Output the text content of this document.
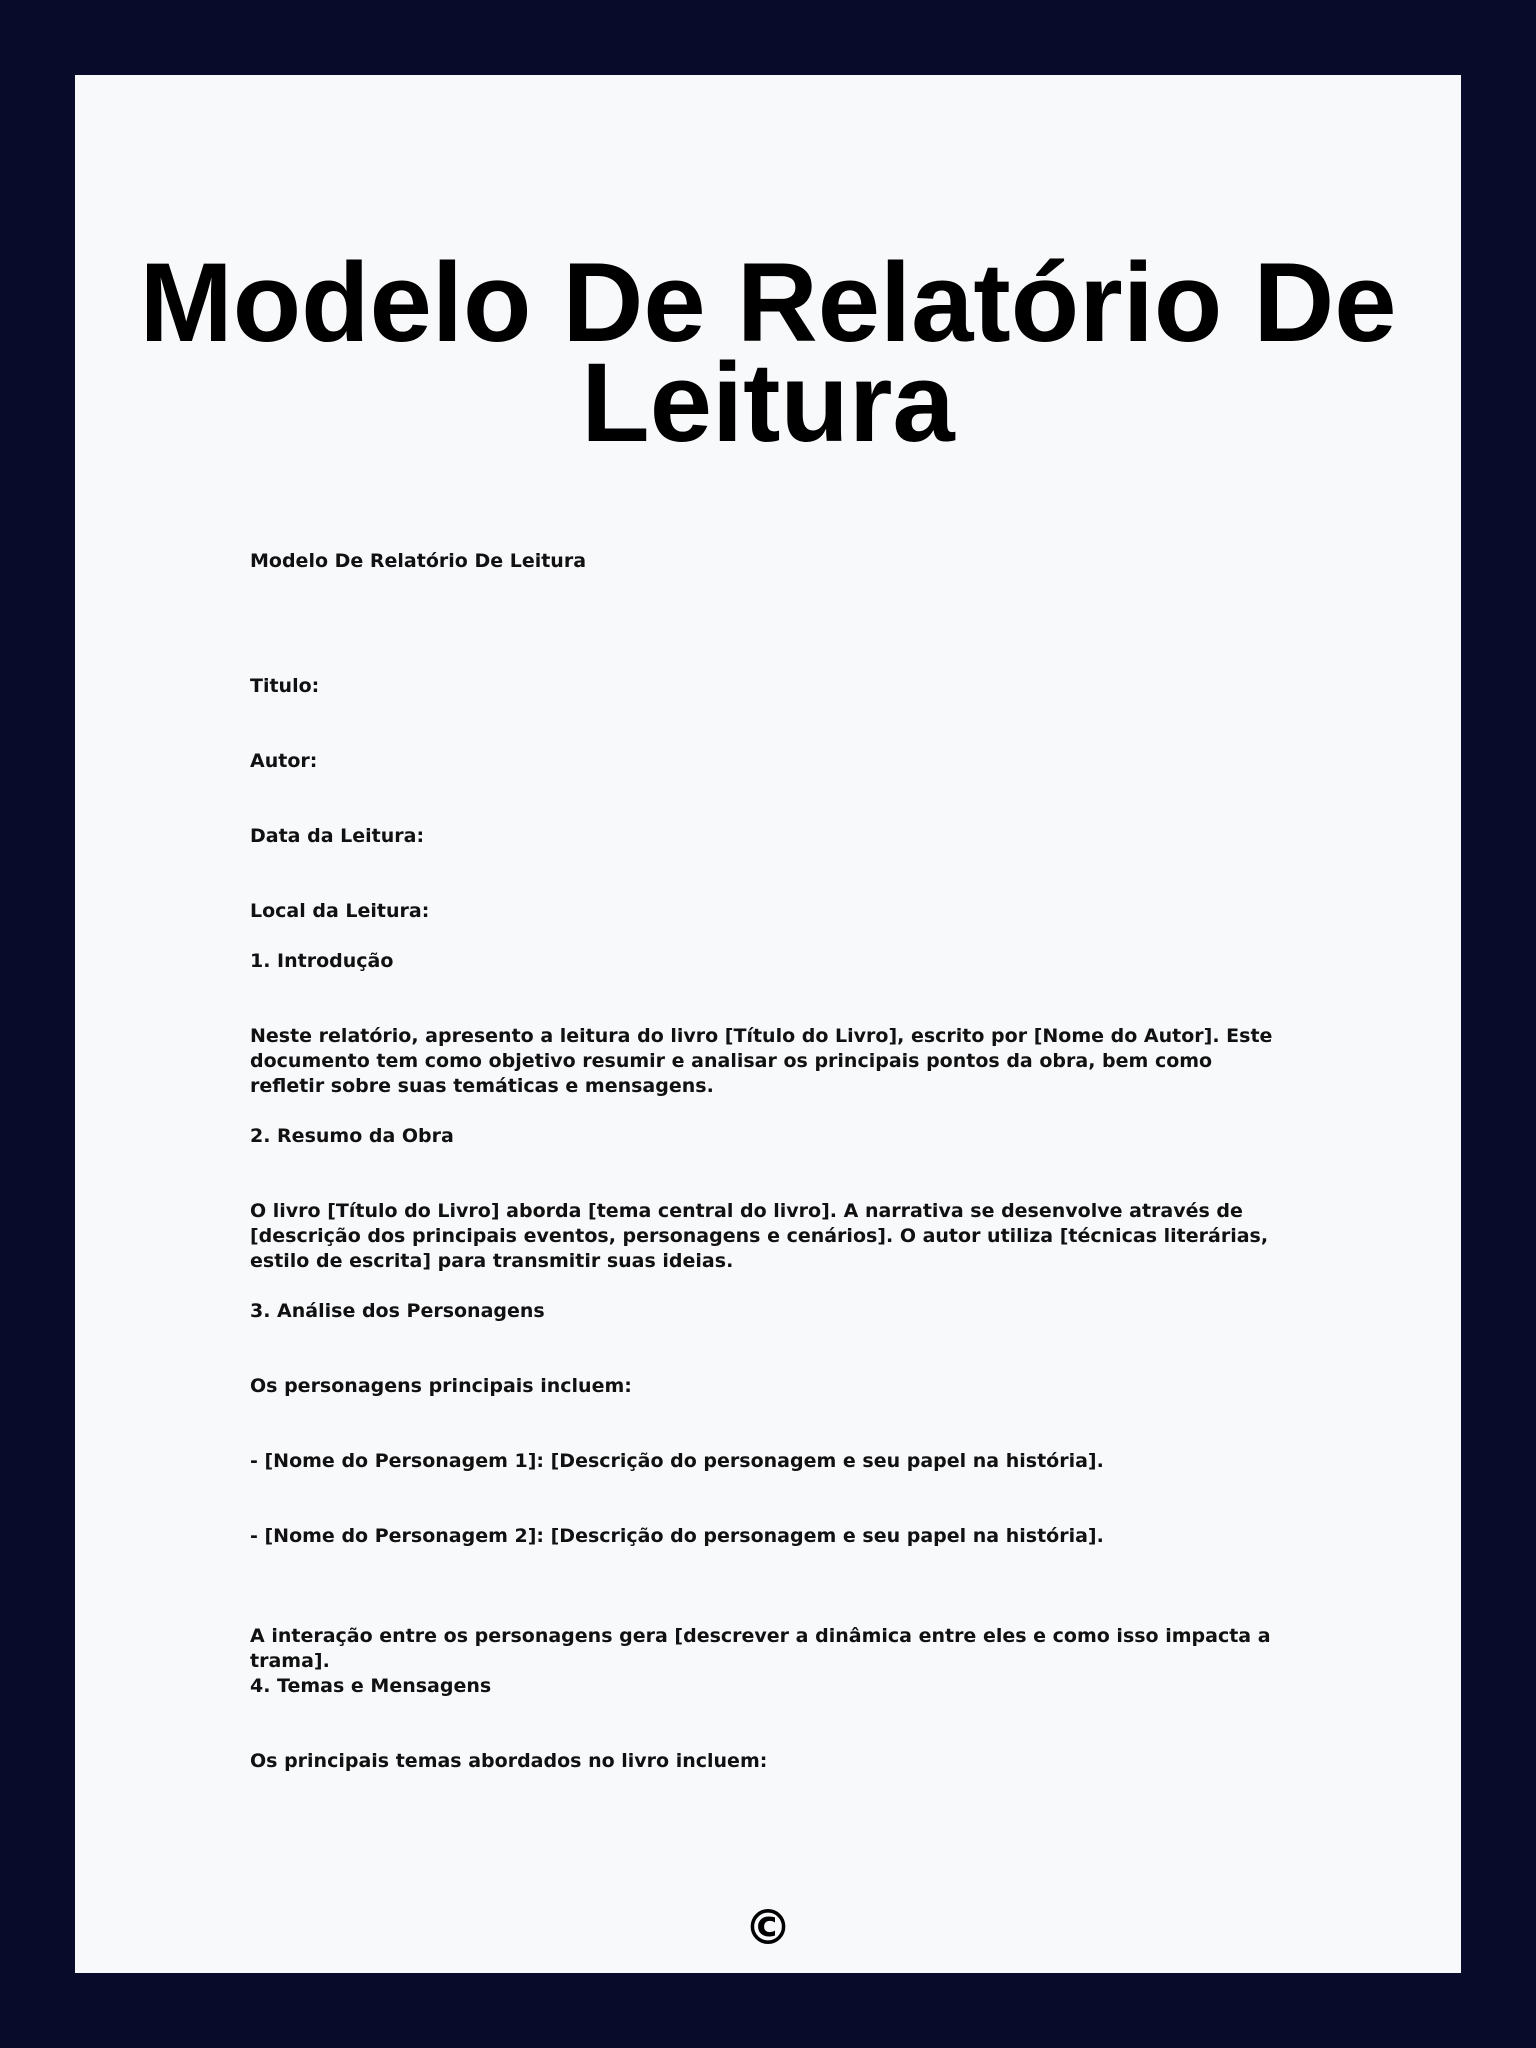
Modelo De Relatório De Leitura

Modelo De Relatório De Leitura

Titulo:

Autor:

Data da Leitura:

Local da Leitura:

1. Introdução

Neste relatório, apresento a leitura do livro [Título do Livro], escrito por [Nome do Autor]. Este documento tem como objetivo resumir e analisar os principais pontos da obra, bem como refletir sobre suas temáticas e mensagens.

2. Resumo da Obra

O livro [Título do Livro] aborda [tema central do livro]. A narrativa se desenvolve através de [descrição dos principais eventos, personagens e cenários]. O autor utiliza [técnicas literárias, estilo de escrita] para transmitir suas ideias.

3. Análise dos Personagens

Os personagens principais incluem:

- [Nome do Personagem 1]: [Descrição do personagem e seu papel na história].

- [Nome do Personagem 2]: [Descrição do personagem e seu papel na história].

A interação entre os personagens gera [descrever a dinâmica entre eles e como isso impacta a trama].

4. Temas e Mensagens

Os principais temas abordados no livro incluem:

©
